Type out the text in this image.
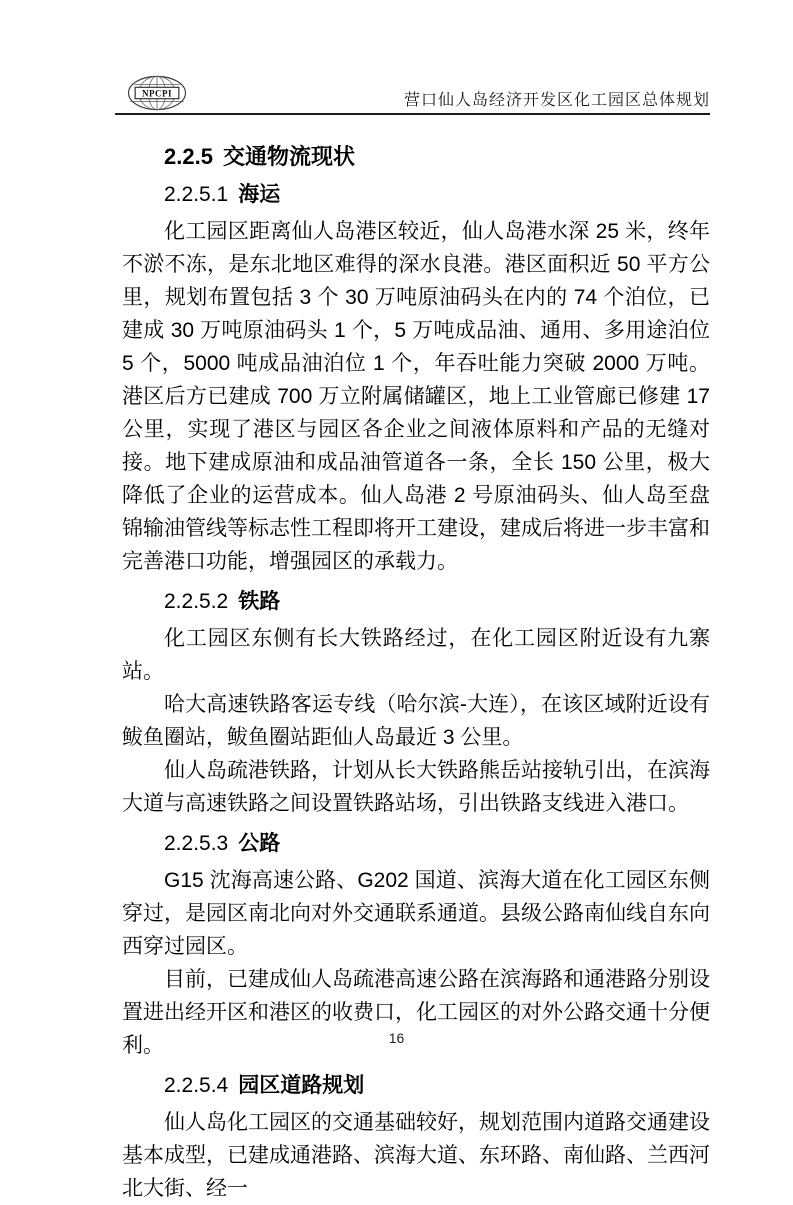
NPCPI	营口仙人岛经济开发区化工园区总体规划
2.2.5 交通物流现状
2.2.5.1 海运

化工园区距离仙人岛港区较近，仙人岛港水深 25 米，终年不淤不冻，是东北地区难得的深水良港。港区面积近 50 平方公里，规划布置包括 3 个 30 万吨原油码头在内的 74 个泊位，已建成 30 万吨原油码头 1 个，5 万吨成品油、通用、多用途泊位 5 个，5000 吨成品油泊位 1 个，年吞吐能力突破 2000 万吨。港区后方已建成 700 万立附属储罐区，地上工业管廊已修建 17 公里，实现了港区与园区各企业之间液体原料和产品的无缝对接。地下建成原油和成品油管道各一条，全长 150 公里，极大降低了企业的运营成本。仙人岛港 2 号原油码头、仙人岛至盘锦输油管线等标志性工程即将开工建设，建成后将进一步丰富和完善港口功能，增强园区的承载力。

2.2.5.2 铁路

化工园区东侧有长大铁路经过，在化工园区附近设有九寨站。

哈大高速铁路客运专线（哈尔滨-大连），在该区域附近设有鲅鱼圈站，鲅鱼圈站距仙人岛最近 3 公里。

仙人岛疏港铁路，计划从长大铁路熊岳站接轨引出，在滨海大道与高速铁路之间设置铁路站场，引出铁路支线进入港口。

2.2.5.3 公路

G15 沈海高速公路、G202 国道、滨海大道在化工园区东侧穿过，是园区南北向对外交通联系通道。县级公路南仙线自东向西穿过园区。

目前，已建成仙人岛疏港高速公路在滨海路和通港路分别设置进出经开区和港区的收费口，化工园区的对外公路交通十分便利。

2.2.5.4 园区道路规划

仙人岛化工园区的交通基础较好，规划范围内道路交通建设基本成型，已建成通港路、滨海大道、东环路、南仙路、兰西河北大街、经一

16
